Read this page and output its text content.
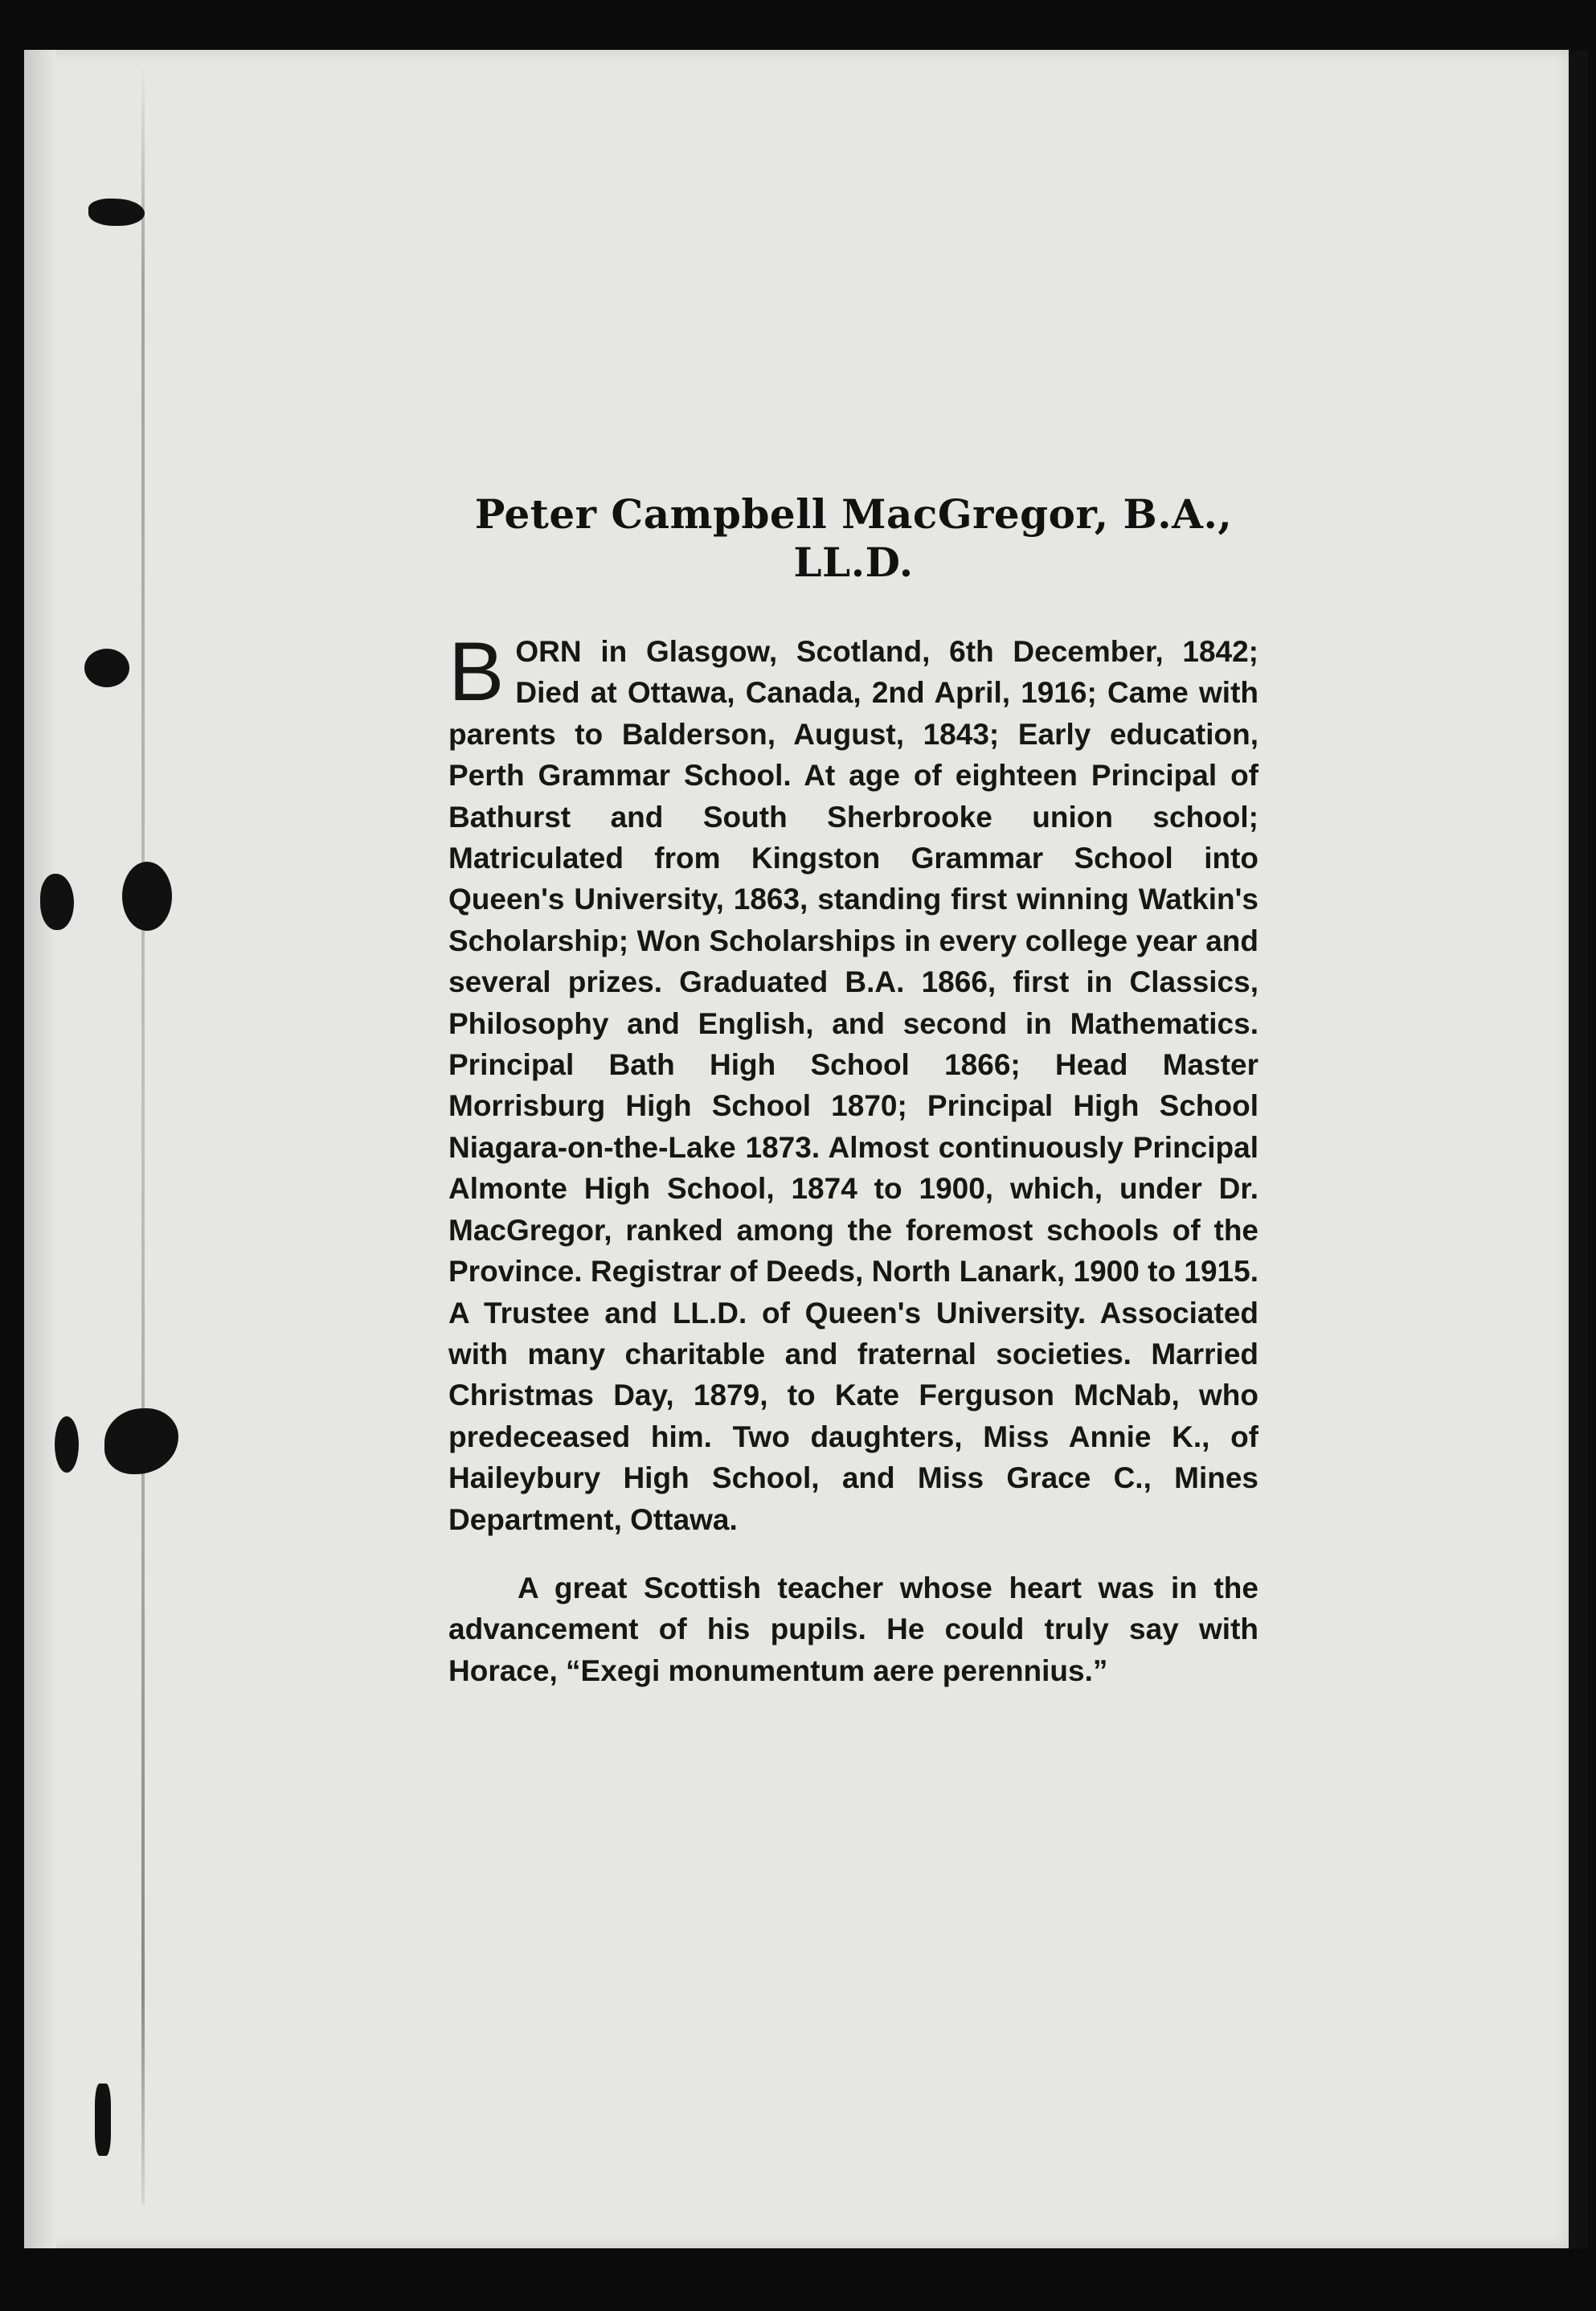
Peter Campbell MacGregor, B.A., LL.D.

BORN in Glasgow, Scotland, 6th December, 1842; Died at Ottawa, Canada, 2nd April, 1916; Came with parents to Balderson, August, 1843; Early education, Perth Grammar School. At age of eighteen Principal of Bathurst and South Sherbrooke union school; Matriculated from Kingston Grammar School into Queen's University, 1863, standing first winning Watkin's Scholarship; Won Scholarships in every college year and several prizes. Graduated B.A. 1866, first in Classics, Philosophy and English, and second in Mathematics. Principal Bath High School 1866; Head Master Morrisburg High School 1870; Principal High School Niagara-on-the-Lake 1873. Almost continuously Principal Almonte High School, 1874 to 1900, which, under Dr. MacGregor, ranked among the foremost schools of the Province. Registrar of Deeds, North Lanark, 1900 to 1915. A Trustee and LL.D. of Queen's University. Associated with many charitable and fraternal societies. Married Christmas Day, 1879, to Kate Ferguson McNab, who predeceased him. Two daughters, Miss Annie K., of Haileybury High School, and Miss Grace C., Mines Department, Ottawa.

A great Scottish teacher whose heart was in the advancement of his pupils. He could truly say with Horace, “Exegi monumentum aere perennius.”
